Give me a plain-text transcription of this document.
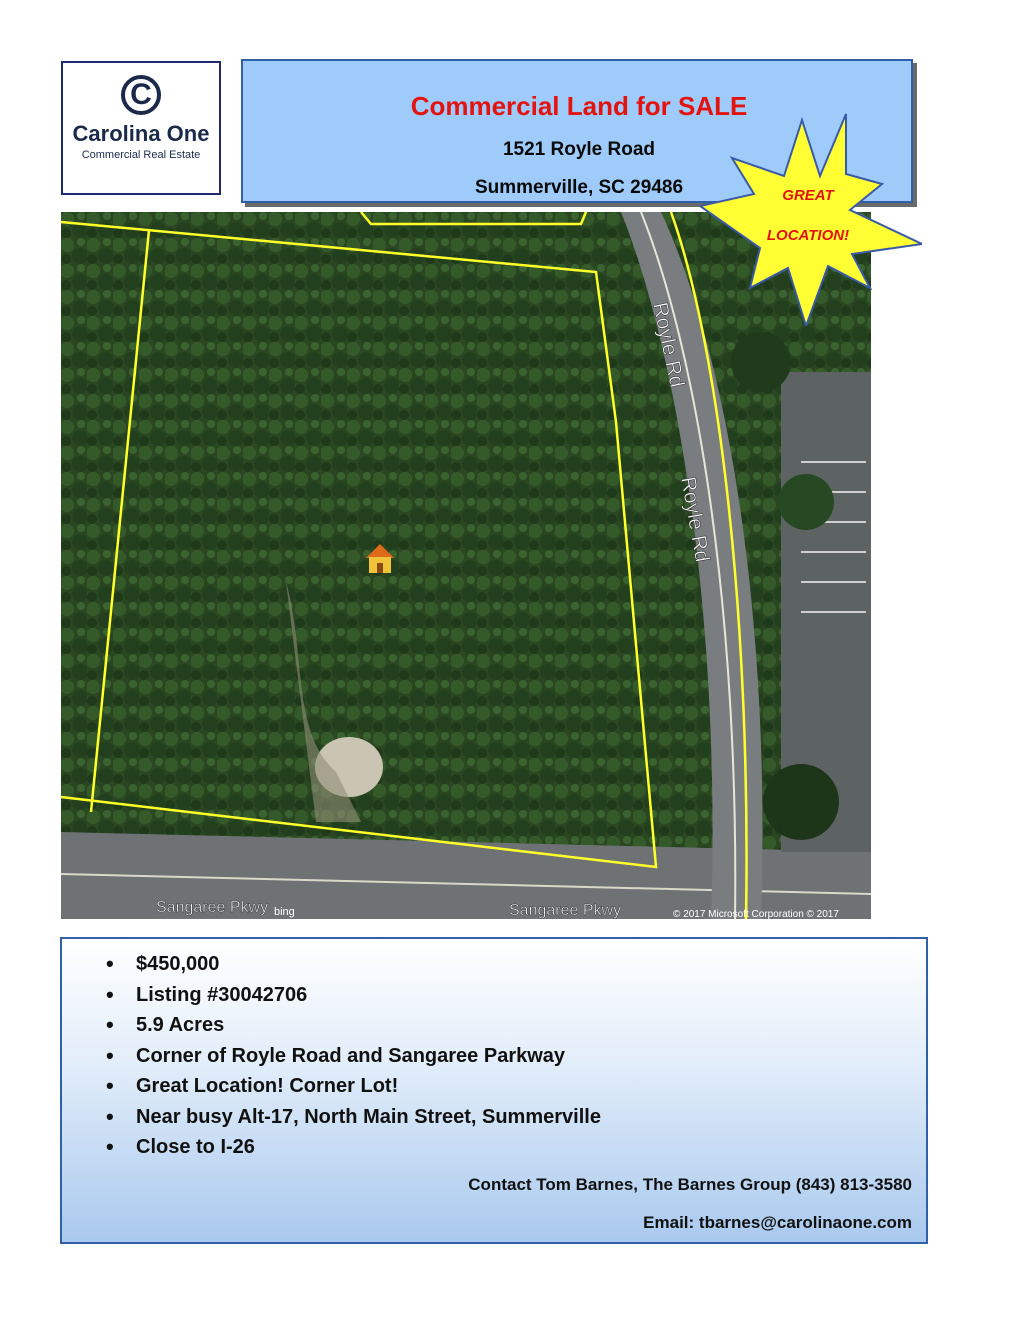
C
Carolina One
Commercial Real Estate
Commercial Land for SALE
1521 Royle Road
Summerville, SC 29486
Royle Rd
Royle Rd
Sangaree Pkwy	Sangaree Pkwy
bing	© 2017 Microsoft Corporation © 2017
GREAT
LOCATION!
• $450,000
• Listing #30042706
• 5.9 Acres
• Corner of Royle Road and Sangaree Parkway
• Great Location! Corner Lot!
• Near busy Alt-17, North Main Street, Summerville
• Close to I-26
Contact Tom Barnes, The Barnes Group (843) 813-3580
Email: tbarnes@carolinaone.com
